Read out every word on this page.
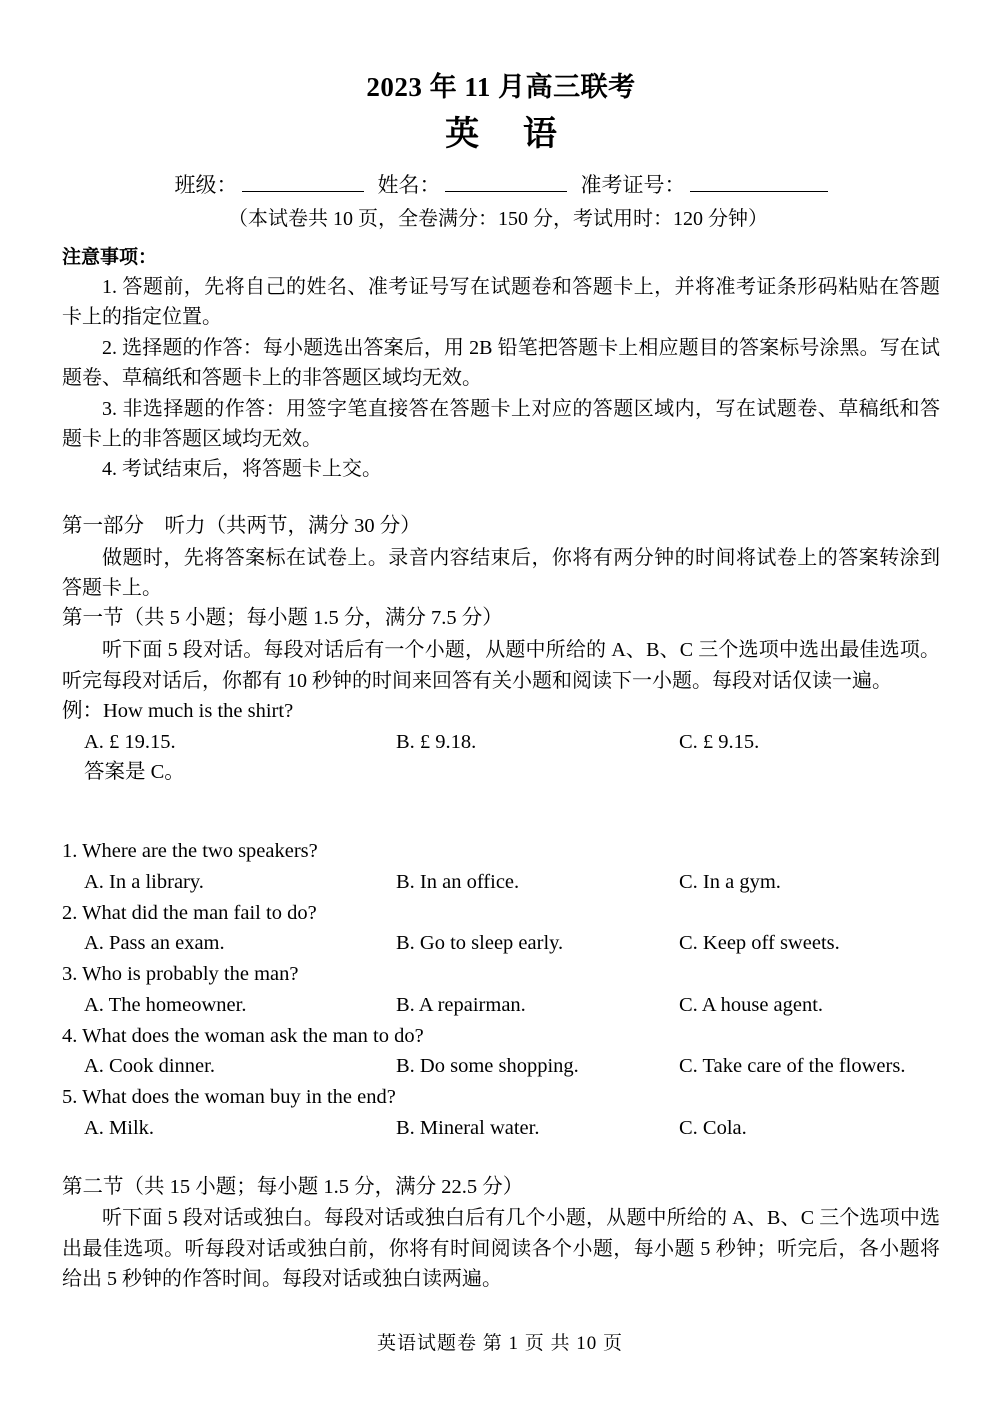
2023 年 11 月高三联考
英 语
班级：	姓名：	准考证号：
（本试卷共 10 页，全卷满分：150 分，考试用时：120 分钟）
注意事项：

1. 答题前，先将自己的姓名、准考证号写在试题卷和答题卡上，并将准考证条形码粘贴在答题卡上的指定位置。

2. 选择题的作答：每小题选出答案后，用 2B 铅笔把答题卡上相应题目的答案标号涂黑。写在试题卷、草稿纸和答题卡上的非答题区域均无效。

3. 非选择题的作答：用签字笔直接答在答题卡上对应的答题区域内，写在试题卷、草稿纸和答题卡上的非答题区域均无效。

4. 考试结束后，将答题卡上交。

第一部分　听力（共两节，满分 30 分）

做题时，先将答案标在试卷上。录音内容结束后，你将有两分钟的时间将试卷上的答案转涂到答题卡上。

第一节（共 5 小题；每小题 1.5 分，满分 7.5 分）

听下面 5 段对话。每段对话后有一个小题，从题中所给的 A、B、C 三个选项中选出最佳选项。听完每段对话后，你都有 10 秒钟的时间来回答有关小题和阅读下一小题。每段对话仅读一遍。

例：How much is the shirt?
A. £ 19.15.	B. £ 9.18.	C. £ 9.15.
答案是 C。
1. Where are the two speakers?
A. In a library.	B. In an office.	C. In a gym.
2. What did the man fail to do?
A. Pass an exam.	B. Go to sleep early.	C. Keep off sweets.
3. Who is probably the man?
A. The homeowner.	B. A repairman.	C. A house agent.
4. What does the woman ask the man to do?
A. Cook dinner.	B. Do some shopping.	C. Take care of the flowers.
5. What does the woman buy in the end?
A. Milk.	B. Mineral water.	C. Cola.
第二节（共 15 小题；每小题 1.5 分，满分 22.5 分）

听下面 5 段对话或独白。每段对话或独白后有几个小题，从题中所给的 A、B、C 三个选项中选出最佳选项。听每段对话或独白前，你将有时间阅读各个小题，每小题 5 秒钟；听完后，各小题将给出 5 秒钟的作答时间。每段对话或独白读两遍。

英语试题卷 第 1 页 共 10 页
